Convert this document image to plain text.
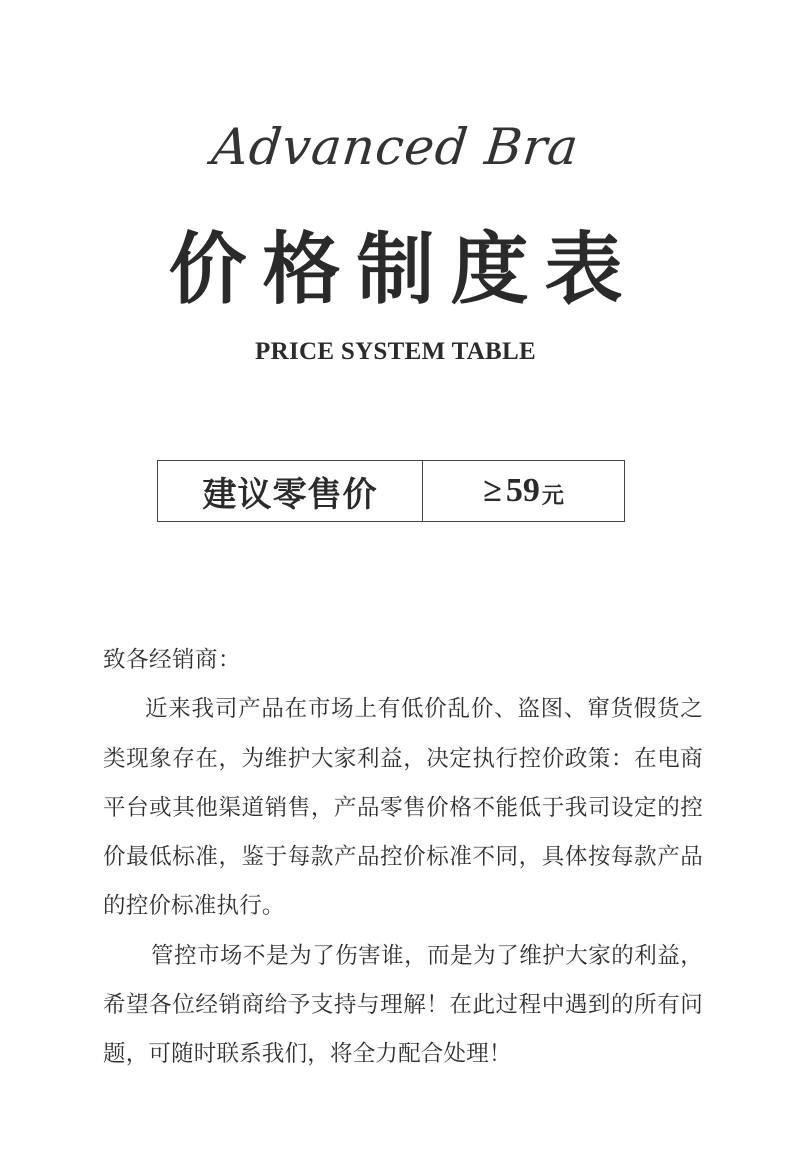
Advanced Bra
价格制度表
PRICE SYSTEM TABLE
建议零售价	≥ 59 元

致各经销商：

近来我司产品在市场上有低价乱价、盗图、窜货假货之类现象存在，为维护大家利益，决定执行控价政策：在电商平台或其他渠道销售，产品零售价格不能低于我司设定的控价最低标准，鉴于每款产品控价标准不同，具体按每款产品的控价标准执行。

管控市场不是为了伤害谁，而是为了维护大家的利益，希望各位经销商给予支持与理解！在此过程中遇到的所有问题，可随时联系我们，将全力配合处理！
